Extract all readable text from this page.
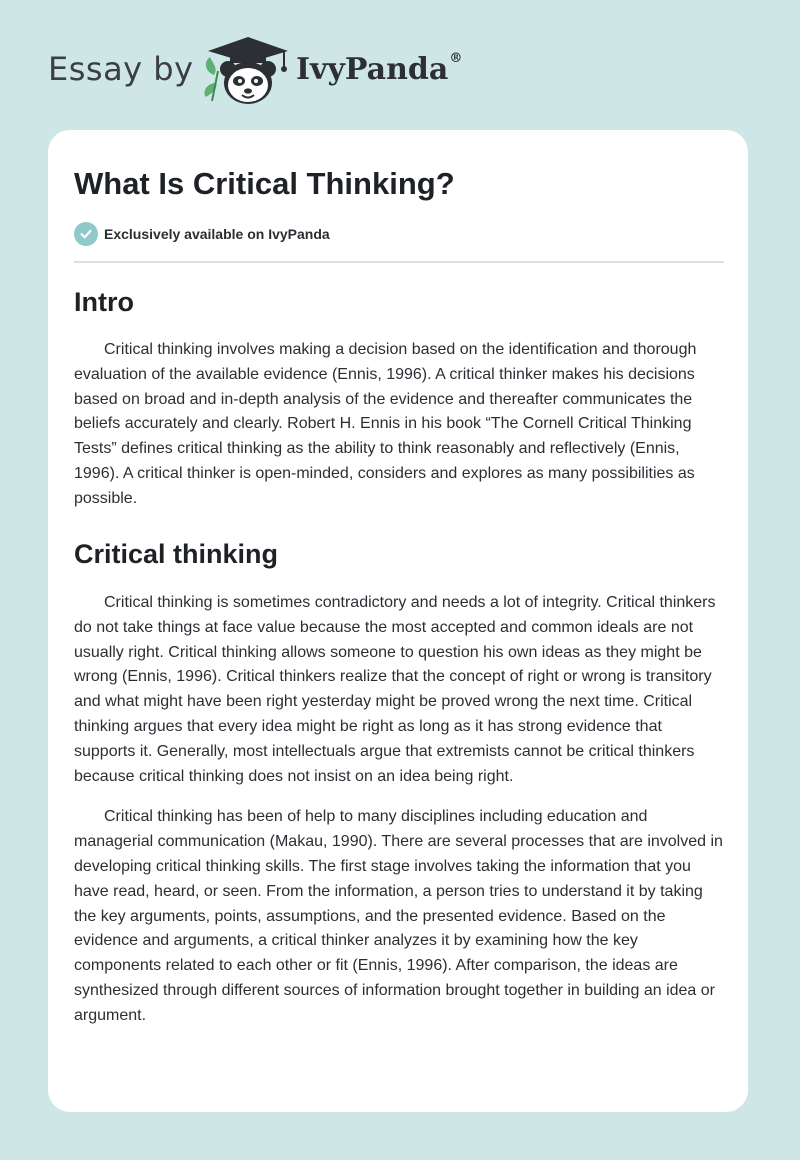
Essay by	IvyPanda®
What Is Critical Thinking?
Exclusively available on IvyPanda
Intro

Critical thinking involves making a decision based on the identification and thorough evaluation of the available evidence (Ennis, 1996). A critical thinker makes his decisions based on broad and in-depth analysis of the evidence and thereafter communicates the beliefs accurately and clearly. Robert H. Ennis in his book “The Cornell Critical Thinking Tests” defines critical thinking as the ability to think reasonably and reflectively (Ennis, 1996). A critical thinker is open-minded, considers and explores as many possibilities as possible.

Critical thinking

Critical thinking is sometimes contradictory and needs a lot of integrity. Critical thinkers do not take things at face value because the most accepted and common ideals are not usually right. Critical thinking allows someone to question his own ideas as they might be wrong (Ennis, 1996). Critical thinkers realize that the concept of right or wrong is transitory and what might have been right yesterday might be proved wrong the next time. Critical thinking argues that every idea might be right as long as it has strong evidence that supports it. Generally, most intellectuals argue that extremists cannot be critical thinkers because critical thinking does not insist on an idea being right.

Critical thinking has been of help to many disciplines including education and managerial communication (Makau, 1990). There are several processes that are involved in developing critical thinking skills. The first stage involves taking the information that you have read, heard, or seen. From the information, a person tries to understand it by taking the key arguments, points, assumptions, and the presented evidence. Based on the evidence and arguments, a critical thinker analyzes it by examining how the key components related to each other or fit (Ennis, 1996). After comparison, the ideas are synthesized through different sources of information brought together in building an idea or argument.
